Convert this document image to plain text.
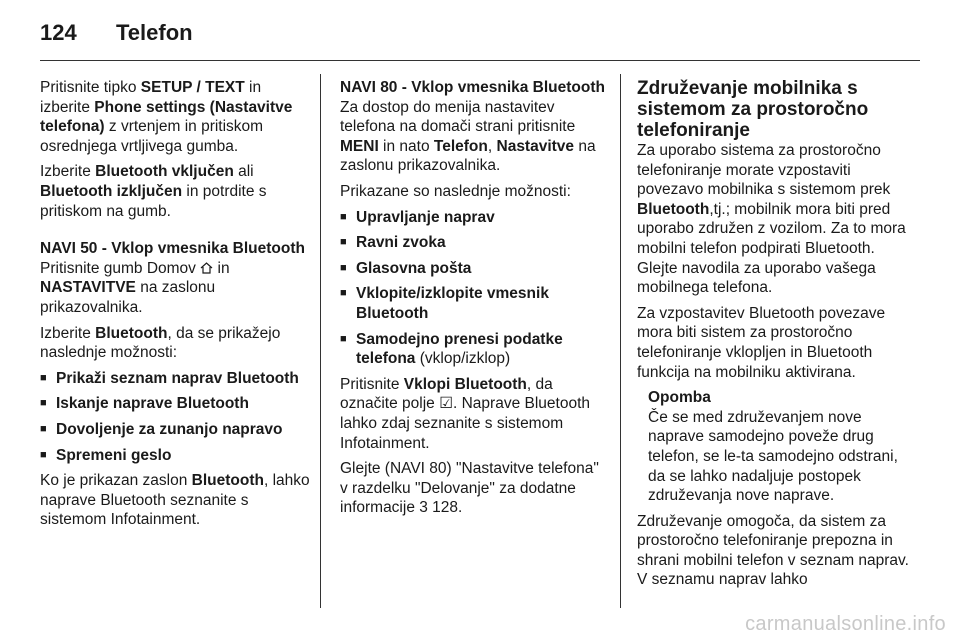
124 Telefon

Pritisnite tipko SETUP / TEXT in izberite Phone settings (Nastavitve telefona) z vrtenjem in pritiskom osrednjega vrtljivega gumba.

Izberite Bluetooth vključen ali Bluetooth izključen in potrdite s pritiskom na gumb.

NAVI 50 - Vklop vmesnika Bluetooth

Pritisnite gumb Domov  in NASTAVITVE na zaslonu prikazovalnika.

Izberite Bluetooth, da se prikažejo naslednje možnosti:

■ Prikaži seznam naprav Bluetooth
■ Iskanje naprave Bluetooth
■ Dovoljenje za zunanjo napravo
■ Spremeni geslo

Ko je prikazan zaslon Bluetooth, lahko naprave Bluetooth seznanite s sistemom Infotainment.

NAVI 80 - Vklop vmesnika Bluetooth

Za dostop do menija nastavitev telefona na domači strani pritisnite MENI in nato Telefon, Nastavitve na zaslonu prikazovalnika.

Prikazane so naslednje možnosti:

■ Upravljanje naprav
■ Ravni zvoka
■ Glasovna pošta
■ Vklopite/izklopite vmesnik Bluetooth
■ Samodejno prenesi podatke telefona (vklop/izklop)

Pritisnite Vklopi Bluetooth, da označite polje ☑. Naprave Bluetooth lahko zdaj seznanite s sistemom Infotainment.

Glejte (NAVI 80) "Nastavitve telefona" v razdelku "Delovanje" za dodatne informacije 3 128.

Združevanje mobilnika s sistemom za prostoročno telefoniranje

Za uporabo sistema za prostoročno telefoniranje morate vzpostaviti povezavo mobilnika s sistemom prek Bluetooth,tj.; mobilnik mora biti pred uporabo združen z vozilom. Za to mora mobilni telefon podpirati Bluetooth. Glejte navodila za uporabo vašega mobilnega telefona.

Za vzpostavitev Bluetooth povezave mora biti sistem za prostoročno telefoniranje vklopljen in Bluetooth funkcija na mobilniku aktivirana.

Opomba
Če se med združevanjem nove naprave samodejno poveže drug telefon, se le-ta samodejno odstrani, da se lahko nadaljuje postopek združevanja nove naprave.

Združevanje omogoča, da sistem za prostoročno telefoniranje prepozna in shrani mobilni telefon v seznam naprav. V seznamu naprav lahko

carmanualsonline.info
